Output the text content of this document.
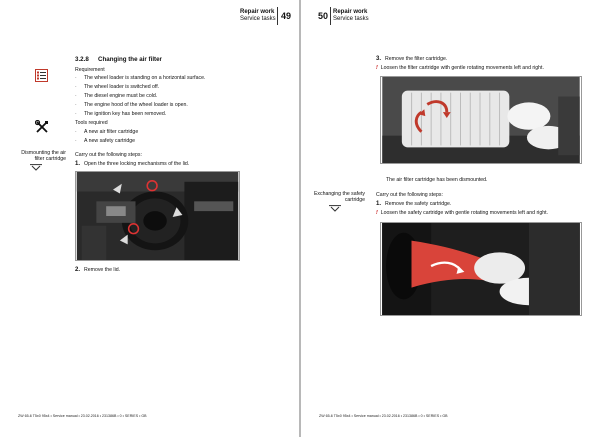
Repair work
Service tasks 49
3.2.8 Changing the air filter
Requirement
· The wheel loader is standing on a horizontal surface.
· The wheel loader is switched off.
· The diesel engine must be cold.
· The engine hood of the wheel loader is open.
· The ignition key has been removed.
Tools required
· A new air filter cartridge
· A new safety cartridge
Dismounting the air filter cartridge
Carry out the following steps:
1. Open the three locking mechanisms of the lid.
2. Remove the lid.
ZW 65-6 T5x0 95x4 • Service manual • 23.02.2016 • 231386B • 0 • SERIES • GB
50 Repair work
Service tasks
3. Remove the filter cartridge.
! Loosen the filter cartridge with gentle rotating movements left and right.
The air filter cartridge has been dismounted.
Exchanging the safety cartridge
Carry out the following steps:
1. Remove the safety cartridge.
! Loosen the safety cartridge with gentle rotating movements left and right.
ZW 65-6 T5x0 95x4 • Service manual • 23.02.2016 • 231386B • 0 • SERIES • GB
